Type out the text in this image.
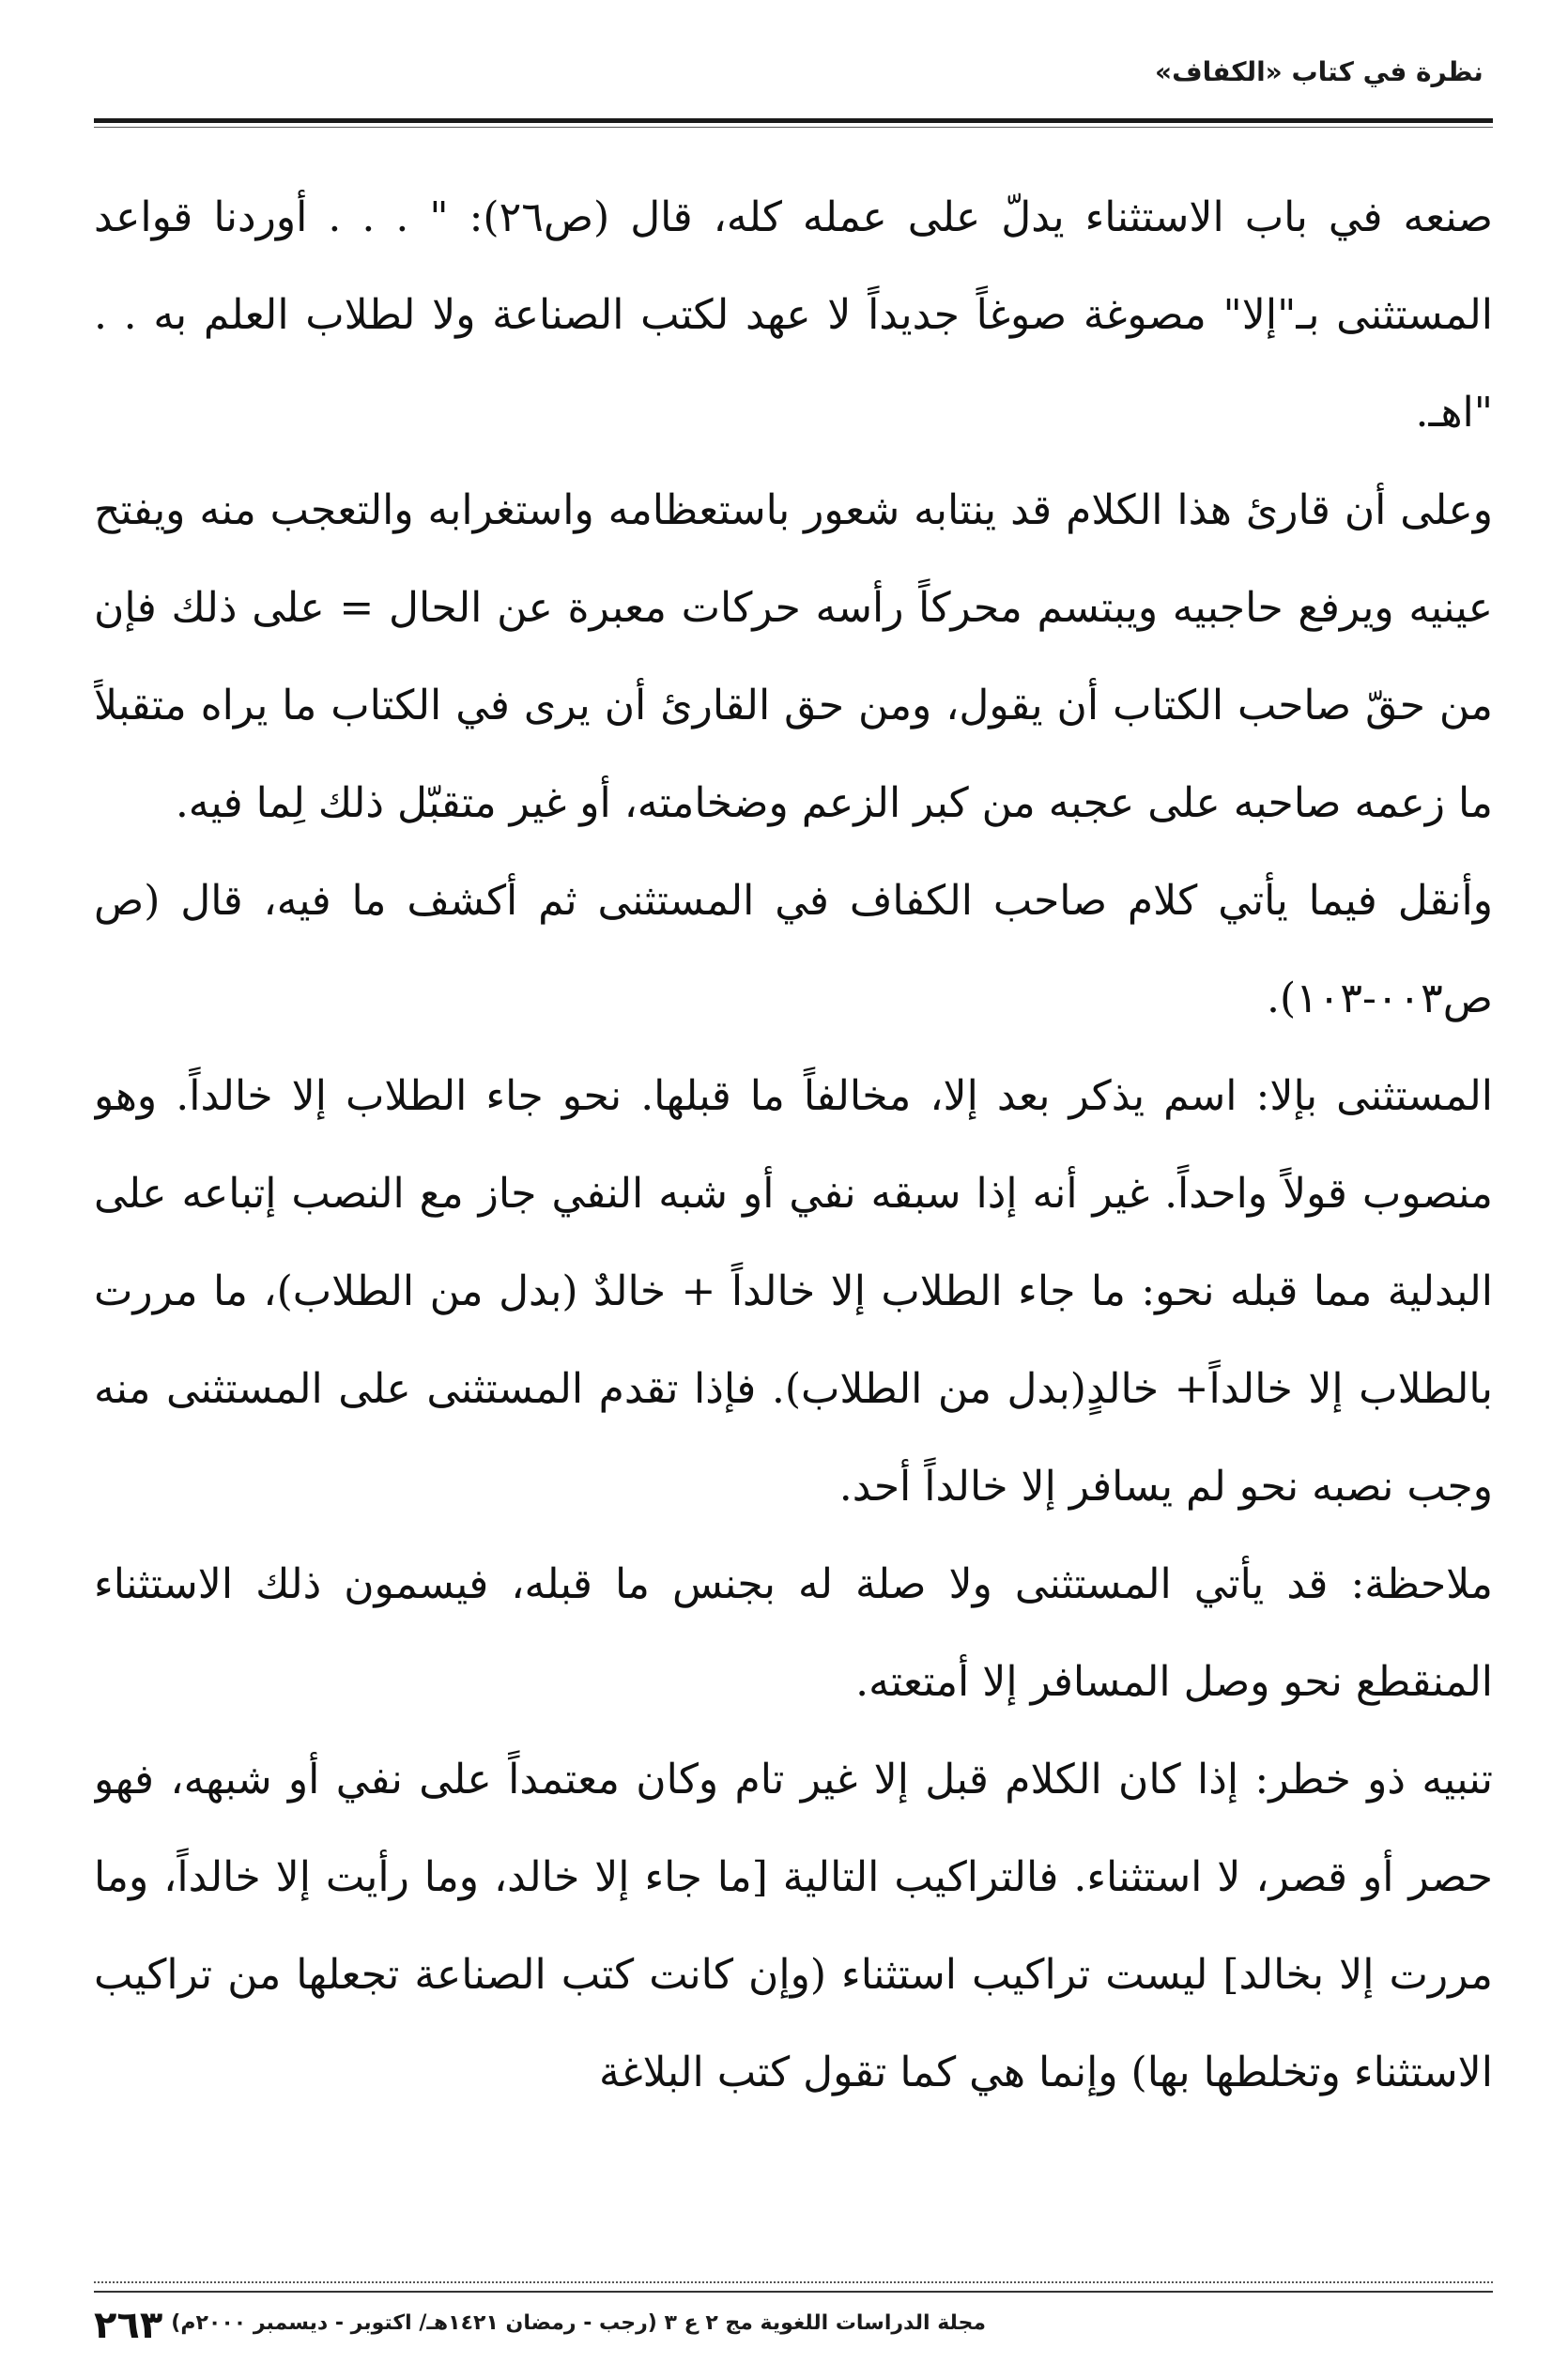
نظرة في كتاب «الكفاف»

صنعه في باب الاستثناء يدلّ على عمله كله، قال (ص٢٦): " . . . أوردنا قواعد المستثنى بـ"إلا" مصوغة صوغاً جديداً لا عهد لكتب الصناعة ولا لطلاب العلم به . . "اهـ.

وعلى أن قارئ هذا الكلام قد ينتابه شعور باستعظامه واستغرابه والتعجب منه ويفتح عينيه ويرفع حاجبيه ويبتسم محركاً رأسه حركات معبرة عن الحال = على ذلك فإن من حقّ صاحب الكتاب أن يقول، ومن حق القارئ أن يرى في الكتاب ما يراه متقبلاً ما زعمه صاحبه على عجبه من كبر الزعم وضخامته، أو غير متقبّل ذلك لِما فيه.

وأنقل فيما يأتي كلام صاحب الكفاف في المستثنى ثم أكشف ما فيه، قال (ص ص٠٠٣-١٠٣).

المستثنى بإلا: اسم يذكر بعد إلا، مخالفاً ما قبلها. نحو جاء الطلاب إلا خالداً. وهو منصوب قولاً واحداً. غير أنه إذا سبقه نفي أو شبه النفي جاز مع النصب إتباعه على البدلية مما قبله نحو: ما جاء الطلاب إلا خالداً + خالدٌ (بدل من الطلاب)، ما مررت بالطلاب إلا خالداً+ خالدٍ(بدل من الطلاب). فإذا تقدم المستثنى على المستثنى منه وجب نصبه نحو لم يسافر إلا خالداً أحد.

ملاحظة: قد يأتي المستثنى ولا صلة له بجنس ما قبله، فيسمون ذلك الاستثناء المنقطع نحو وصل المسافر إلا أمتعته.

تنبيه ذو خطر: إذا كان الكلام قبل إلا غير تام وكان معتمداً على نفي أو شبهه، فهو حصر أو قصر، لا استثناء. فالتراكيب التالية [ما جاء إلا خالد، وما رأيت إلا خالداً، وما مررت إلا بخالد] ليست تراكيب استثناء (وإن كانت كتب الصناعة تجعلها من تراكيب الاستثناء وتخلطها بها) وإنما هي كما تقول كتب البلاغة

مجلة الدراسات اللغوية مج ٢ ع ٣ (رجب - رمضان ١٤٢١هـ/ اكتوبر - ديسمبر ٢٠٠٠م)
٢٦٣
